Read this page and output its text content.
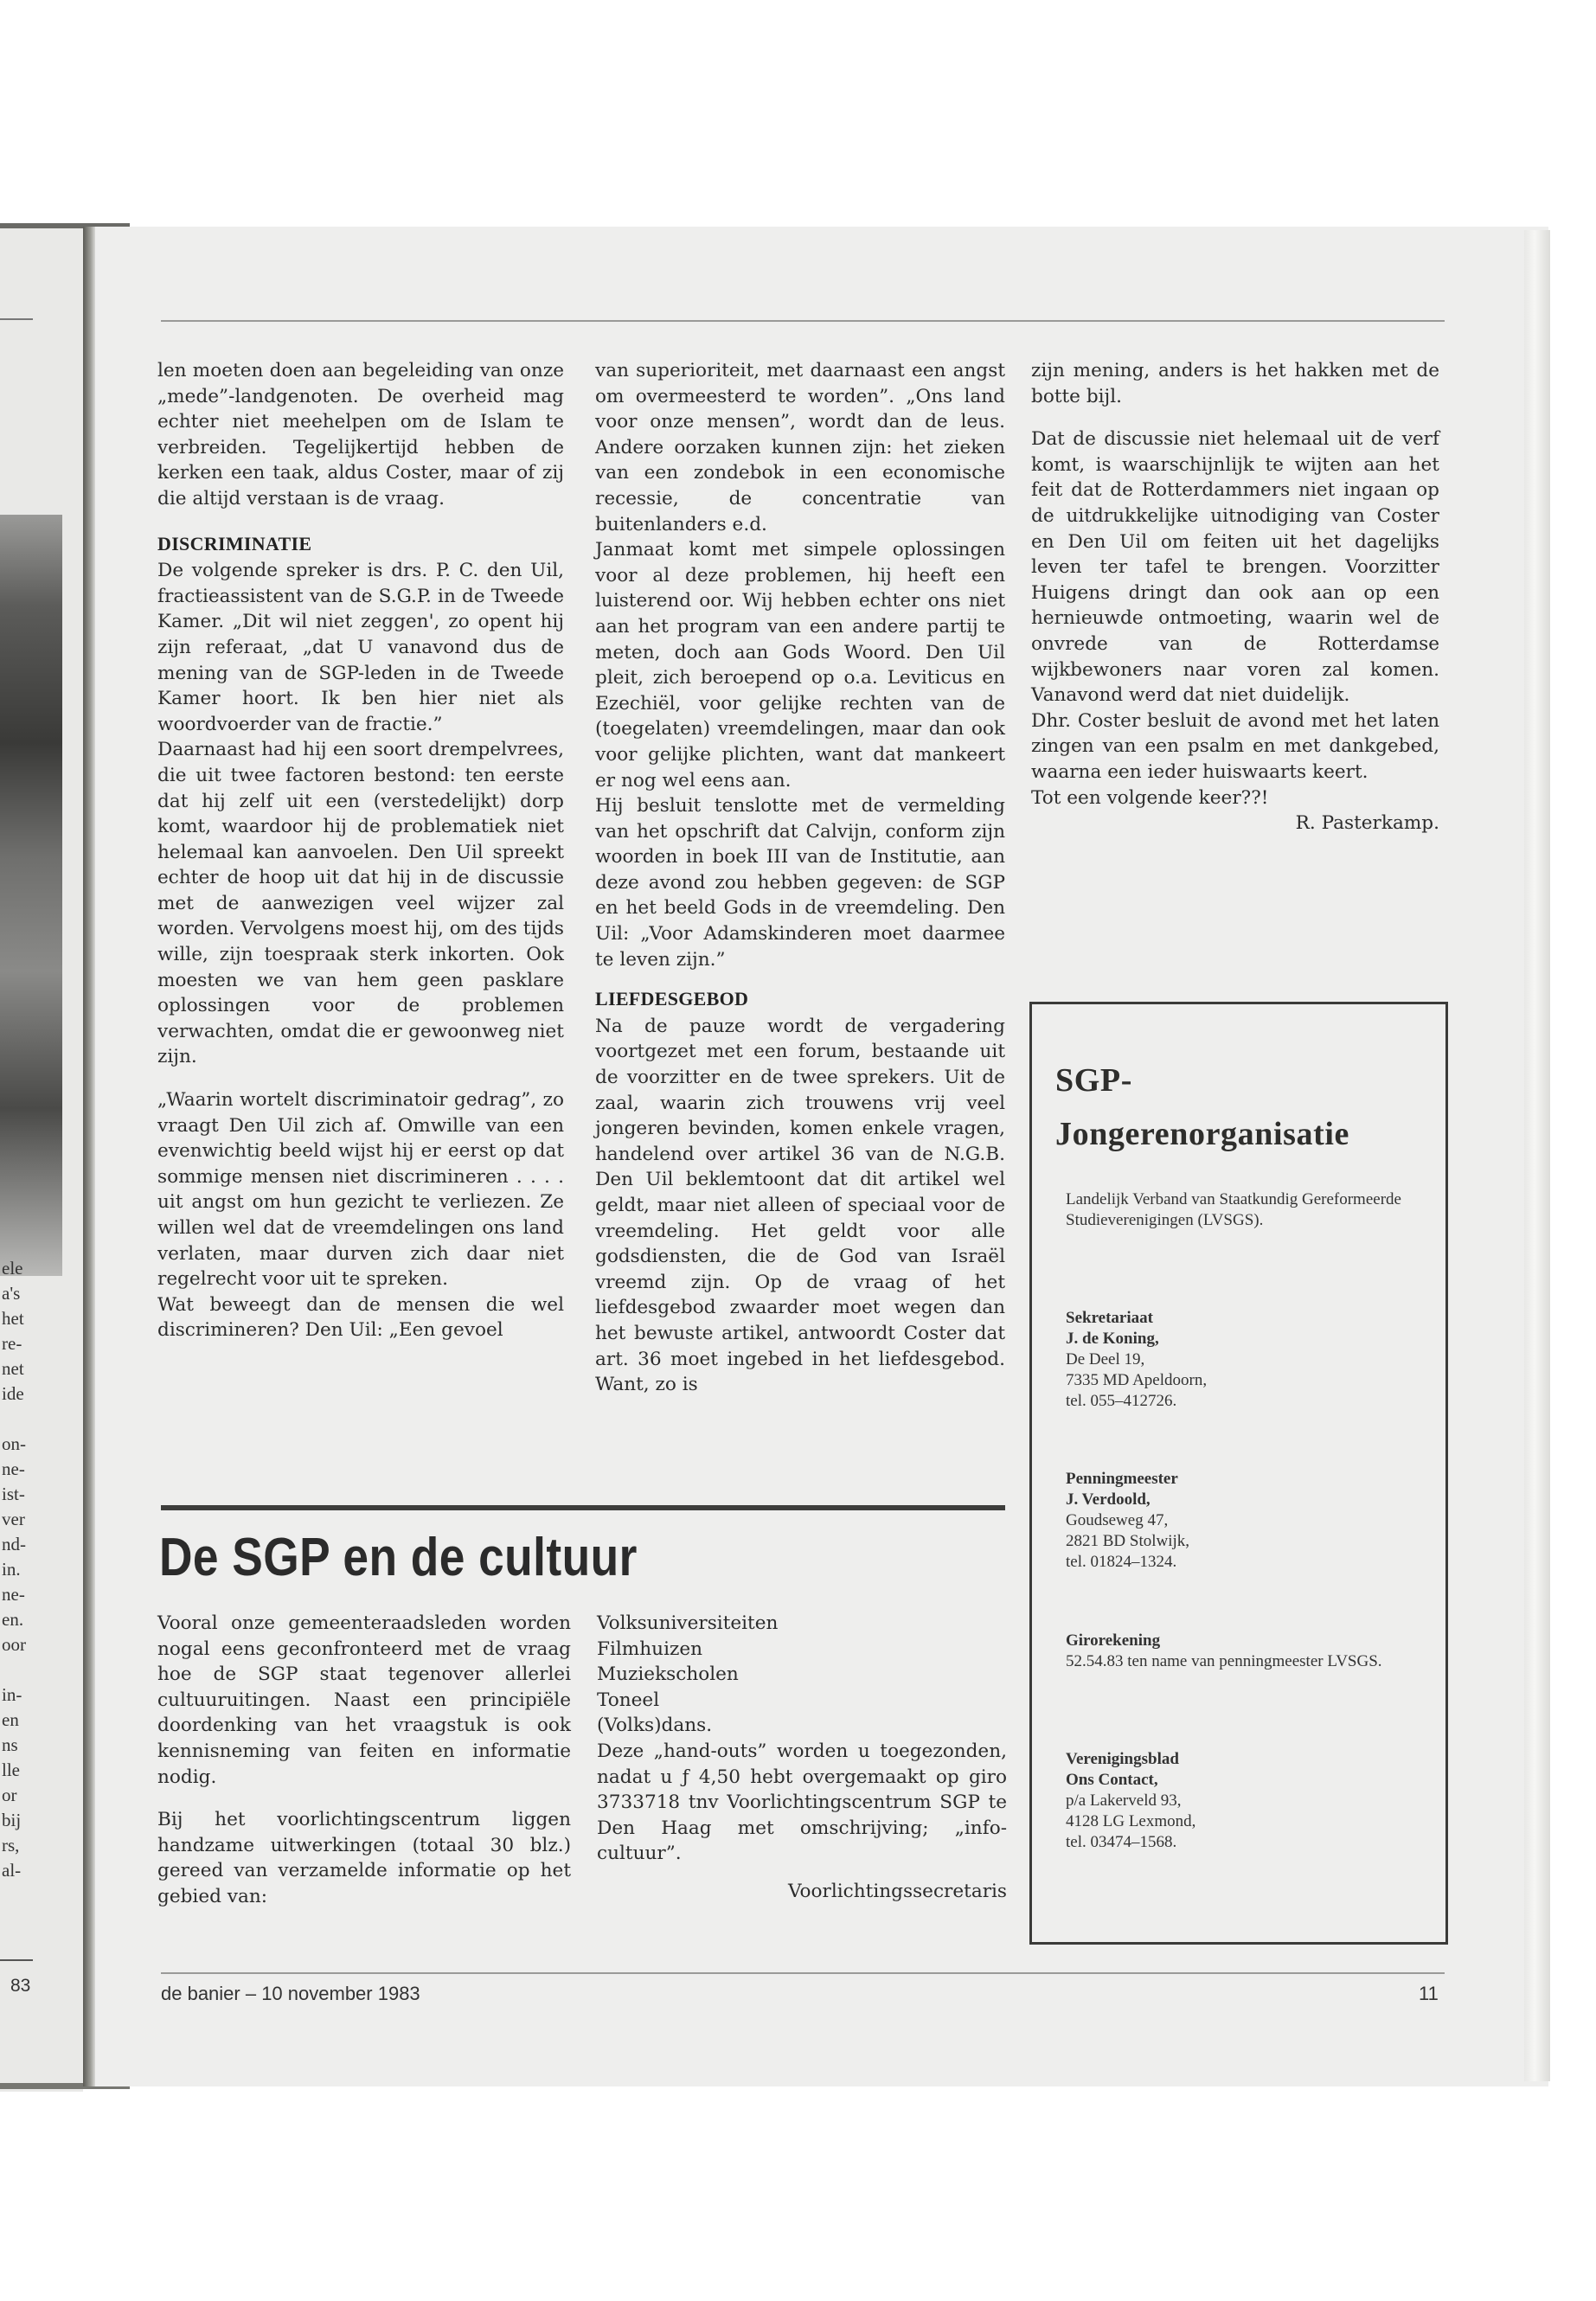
ele
a's
het
re-
net
ide

on-
ne-
ist-
ver
nd-
in.
ne-
en.
oor

in-
en
ns
lle
or
bij
rs,
al-
83

len moeten doen aan begeleiding van onze „mede”-landgenoten. De overheid mag echter niet meehelpen om de Islam te verbreiden. Tegelijkertijd hebben de kerken een taak, aldus Coster, maar of zij die altijd verstaan is de vraag.

DISCRIMINATIE

De volgende spreker is drs. P. C. den Uil, fractieassistent van de S.G.P. in de Tweede Kamer. „Dit wil niet zeggen', zo opent hij zijn referaat, „dat U vanavond dus de mening van de SGP-leden in de Tweede Kamer hoort. Ik ben hier niet als woordvoerder van de fractie.”

Daarnaast had hij een soort drempelvrees, die uit twee factoren bestond: ten eerste dat hij zelf uit een (verstedelijkt) dorp komt, waardoor hij de problematiek niet helemaal kan aanvoelen. Den Uil spreekt echter de hoop uit dat hij in de discussie met de aanwezigen veel wijzer zal worden. Vervolgens moest hij, om des tijds wille, zijn toespraak sterk inkorten. Ook moesten we van hem geen pasklare oplossingen voor de problemen verwachten, omdat die er gewoonweg niet zijn.

„Waarin wortelt discriminatoir gedrag”, zo vraagt Den Uil zich af. Omwille van een evenwichtig beeld wijst hij er eerst op dat sommige mensen niet discrimineren . . . . uit angst om hun gezicht te verliezen. Ze willen wel dat de vreemdelingen ons land verlaten, maar durven zich daar niet regelrecht voor uit te spreken.

Wat beweegt dan de mensen die wel discrimineren? Den Uil: „Een gevoel

van superioriteit, met daarnaast een angst om overmeesterd te worden”. „Ons land voor onze mensen”, wordt dan de leus. Andere oorzaken kunnen zijn: het zieken van een zondebok in een economische recessie, de concentratie van buitenlanders e.d.

Janmaat komt met simpele oplossingen voor al deze problemen, hij heeft een luisterend oor. Wij hebben echter ons niet aan het program van een andere partij te meten, doch aan Gods Woord. Den Uil pleit, zich beroepend op o.a. Leviticus en Ezechiël, voor gelijke rechten van de (toegelaten) vreemdelingen, maar dan ook voor gelijke plichten, want dat mankeert er nog wel eens aan.

Hij besluit tenslotte met de vermelding van het opschrift dat Calvijn, conform zijn woorden in boek III van de Institutie, aan deze avond zou hebben gegeven: de SGP en het beeld Gods in de vreemdeling. Den Uil: „Voor Adamskinderen moet daarmee te leven zijn.”

LIEFDESGEBOD

Na de pauze wordt de vergadering voortgezet met een forum, bestaande uit de voorzitter en de twee sprekers. Uit de zaal, waarin zich trouwens vrij veel jongeren bevinden, komen enkele vragen, handelend over artikel 36 van de N.G.B. Den Uil beklemtoont dat dit artikel wel geldt, maar niet alleen of speciaal voor de vreemdeling. Het geldt voor alle godsdiensten, die de God van Israël vreemd zijn. Op de vraag of het liefdesgebod zwaarder moet wegen dan het bewuste artikel, antwoordt Coster dat art. 36 moet ingebed in het liefdesgebod. Want, zo is

zijn mening, anders is het hakken met de botte bijl.

Dat de discussie niet helemaal uit de verf komt, is waarschijnlijk te wijten aan het feit dat de Rotterdammers niet ingaan op de uitdrukkelijke uitnodiging van Coster en Den Uil om feiten uit het dagelijks leven ter tafel te brengen. Voorzitter Huigens dringt dan ook aan op een hernieuwde ontmoeting, waarin wel de onvrede van de Rotterdamse wijkbewoners naar voren zal komen. Vanavond werd dat niet duidelijk.

Dhr. Coster besluit de avond met het laten zingen van een psalm en met dankgebed, waarna een ieder huiswaarts keert.

Tot een volgende keer??!

R. Pasterkamp.

SGP-
Jongerenorganisatie
Landelijk Verband van Staatkundig Gereformeerde Studieverenigingen (LVSGS).
Sekretariaat
J. de Koning,
De Deel 19,
7335 MD Apeldoorn,
tel. 055–412726.
Penningmeester
J. Verdoold,
Goudseweg 47,
2821 BD Stolwijk,
tel. 01824–1324.
Girorekening
52.54.83 ten name van penningmeester LVSGS.
Verenigingsblad
Ons Contact,
p/a Lakerveld 93,
4128 LG Lexmond,
tel. 03474–1568.
De SGP en de cultuur

Vooral onze gemeenteraadsleden worden nogal eens geconfronteerd met de vraag hoe de SGP staat tegenover allerlei cultuuruitingen. Naast een principiële doordenking van het vraagstuk is ook kennisneming van feiten en informatie nodig.

Bij het voorlichtingscentrum liggen handzame uitwerkingen (totaal 30 blz.) gereed van verzamelde informatie op het gebied van:

Volksuniversiteiten
Filmhuizen
Muziekscholen
Toneel
(Volks)dans.

Deze „hand-outs” worden u toegezonden, nadat u ƒ 4,50 hebt overgemaakt op giro 3733718 tnv Voorlichtingscentrum SGP te Den Haag met omschrijving; „info-cultuur”.

Voorlichtingssecretaris

de banier – 10 november 1983	11
